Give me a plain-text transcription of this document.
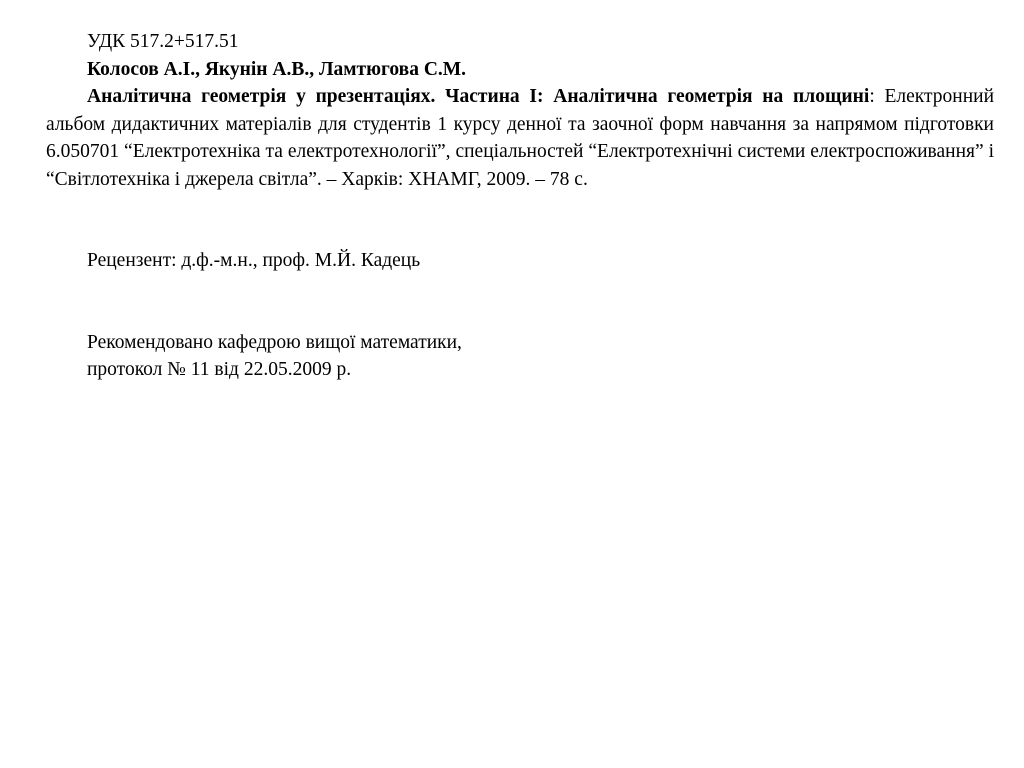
УДК 517.2+517.51
Колосов А.І., Якунін А.В., Ламтюгова С.М.
Аналітична геометрія у презентаціях. Частина I: Аналітична геометрія на площині: Електронний альбом дидактичних матеріалів для студентів 1 курсу денної та заочної форм навчання за напрямом підготовки 6.050701 “Електротехніка та електротехнології”, спеціальностей “Електротехнічні системи електроспоживання” і “Світлотехніка і джерела світла”. – Харків: ХНАМГ, 2009. – 78 с.
Рецензент: д.ф.-м.н., проф. М.Й. Кадець
Рекомендовано кафедрою вищої математики,
протокол № 11 від 22.05.2009 р.
